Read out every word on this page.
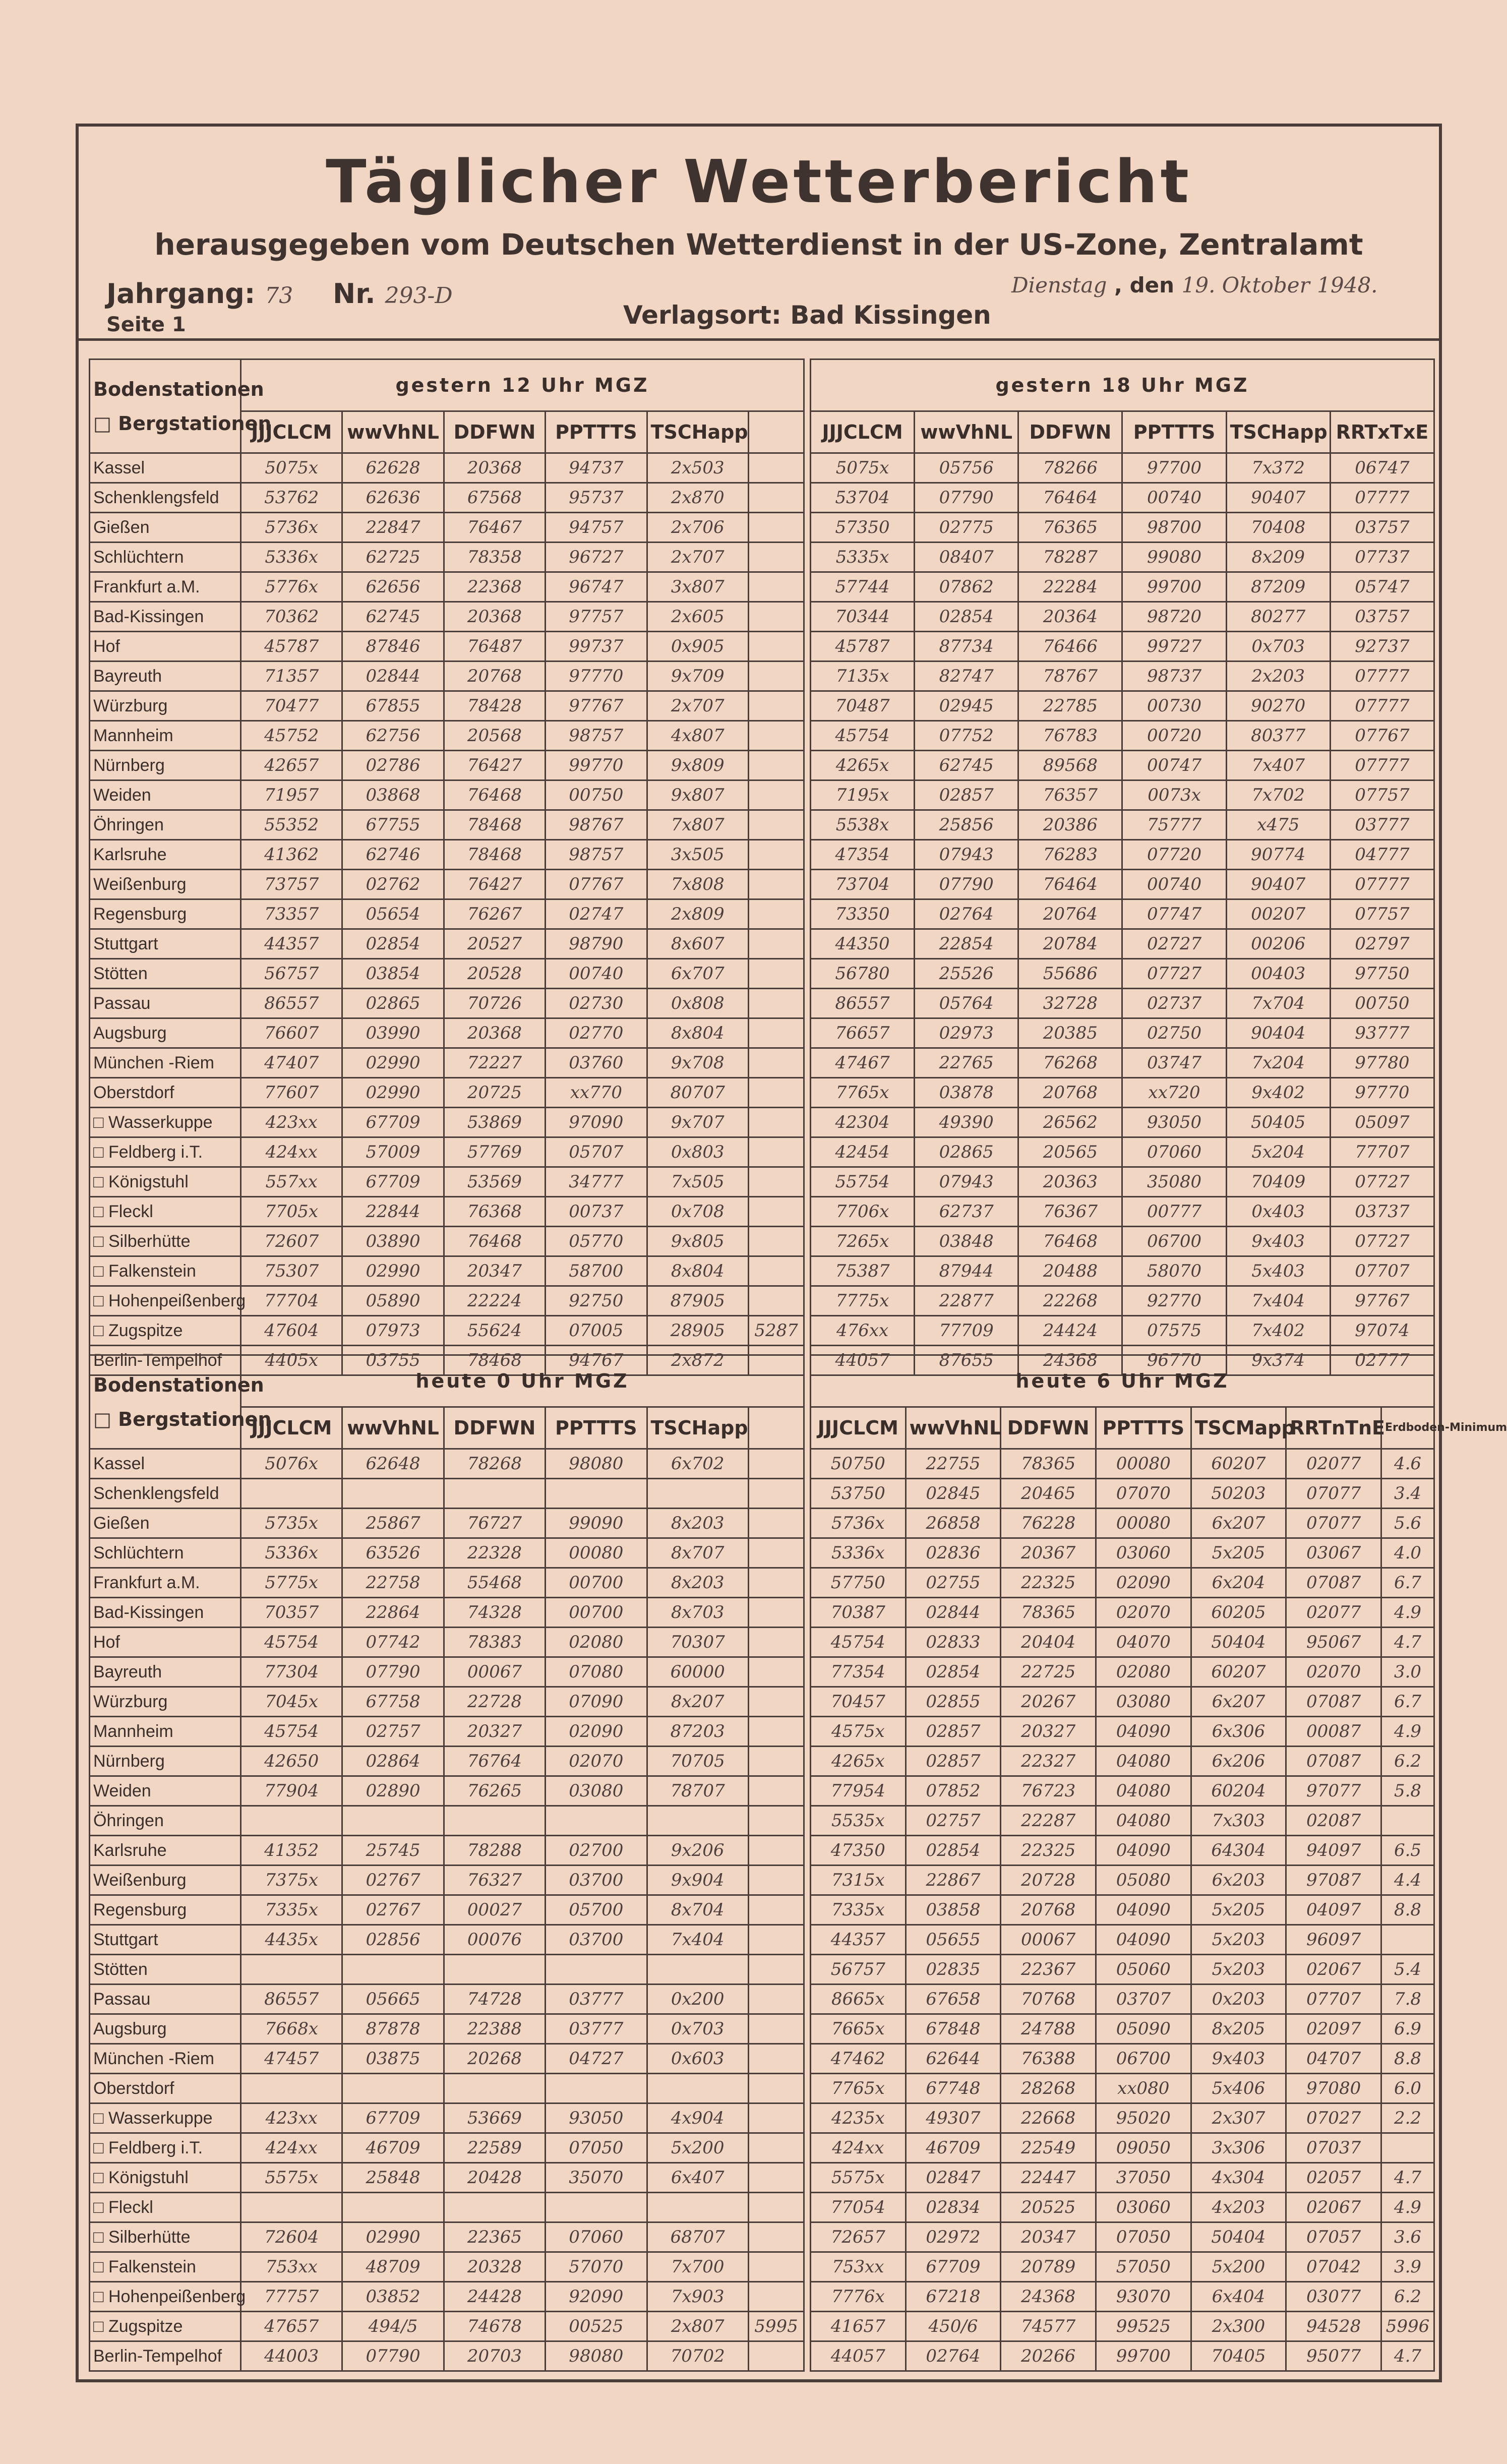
Täglicher Wetterbericht
herausgegeben vom Deutschen Wetterdienst in der US-Zone, Zentralamt
Jahrgang: 73 Nr. 293-D
Seite 1	Verlagsort: Bad Kissingen
Dienstag , den 19. Oktober 1948.
Bodenstationen
□ Bergstationen	gestern 12 Uhr MGZ					
	JJJCLCM	wwVhNL	DDFWN	PPTTTS	TSCHapp	
Kassel	5075x	62628	20368	94737	2x503	
Schenklengsfeld	53762	62636	67568	95737	2x870	
Gießen	5736x	22847	76467	94757	2x706	
Schlüchtern	5336x	62725	78358	96727	2x707	
Frankfurt a.M.	5776x	62656	22368	96747	3x807	
Bad-Kissingen	70362	62745	20368	97757	2x605	
Hof	45787	87846	76487	99737	0x905	
Bayreuth	71357	02844	20768	97770	9x709	
Würzburg	70477	67855	78428	97767	2x707	
Mannheim	45752	62756	20568	98757	4x807	
Nürnberg	42657	02786	76427	99770	9x809	
Weiden	71957	03868	76468	00750	9x807	
Öhringen	55352	67755	78468	98767	7x807	
Karlsruhe	41362	62746	78468	98757	3x505	
Weißenburg	73757	02762	76427	07767	7x808	
Regensburg	73357	05654	76267	02747	2x809	
Stuttgart	44357	02854	20527	98790	8x607	
Stötten	56757	03854	20528	00740	6x707	
Passau	86557	02865	70726	02730	0x808	
Augsburg	76607	03990	20368	02770	8x804	
München -Riem	47407	02990	72227	03760	9x708	
Oberstdorf	77607	02990	20725	xx770	80707	
□ Wasserkuppe	423xx	67709	53869	97090	9x707	
□ Feldberg i.T.	424xx	57009	57769	05707	0x803	
□ Königstuhl	557xx	67709	53569	34777	7x505	
□ Fleckl	7705x	22844	76368	00737	0x708	
□ Silberhütte	72607	03890	76468	05770	9x805	
□ Falkenstein	75307	02990	20347	58700	8x804	
□ Hohenpeißenberg	77704	05890	22224	92750	87905	
□ Zugspitze	47604	07973	55624	07005	28905	5287
Berlin-Tempelhof	4405x	03755	78468	94767	2x872	
gestern 18 Uhr MGZ					
JJJCLCM	wwVhNL	DDFWN	PPTTTS	TSCHapp	RRTxTxE
5075x	05756	78266	97700	7x372	06747
53704	07790	76464	00740	90407	07777
57350	02775	76365	98700	70408	03757
5335x	08407	78287	99080	8x209	07737
57744	07862	22284	99700	87209	05747
70344	02854	20364	98720	80277	03757
45787	87734	76466	99727	0x703	92737
7135x	82747	78767	98737	2x203	07777
70487	02945	22785	00730	90270	07777
45754	07752	76783	00720	80377	07767
4265x	62745	89568	00747	7x407	07777
7195x	02857	76357	0073x	7x702	07757
5538x	25856	20386	75777	x475	03777
47354	07943	76283	07720	90774	04777
73704	07790	76464	00740	90407	07777
73350	02764	20764	07747	00207	07757
44350	22854	20784	02727	00206	02797
56780	25526	55686	07727	00403	97750
86557	05764	32728	02737	7x704	00750
76657	02973	20385	02750	90404	93777
47467	22765	76268	03747	7x204	97780
7765x	03878	20768	xx720	9x402	97770
42304	49390	26562	93050	50405	05097
42454	02865	20565	07060	5x204	77707
55754	07943	20363	35080	70409	07727
7706x	62737	76367	00777	0x403	03737
7265x	03848	76468	06700	9x403	07727
75387	87944	20488	58070	5x403	07707
7775x	22877	22268	92770	7x404	97767
476xx	77709	24424	07575	7x402	97074
44057	87655	24368	96770	9x374	02777
Bodenstationen
□ Bergstationen	heute 0 Uhr MGZ					
	JJJCLCM	wwVhNL	DDFWN	PPTTTS	TSCHapp	
Kassel	5076x	62648	78268	98080	6x702	
Schenklengsfeld						
Gießen	5735x	25867	76727	99090	8x203	
Schlüchtern	5336x	63526	22328	00080	8x707	
Frankfurt a.M.	5775x	22758	55468	00700	8x203	
Bad-Kissingen	70357	22864	74328	00700	8x703	
Hof	45754	07742	78383	02080	70307	
Bayreuth	77304	07790	00067	07080	60000	
Würzburg	7045x	67758	22728	07090	8x207	
Mannheim	45754	02757	20327	02090	87203	
Nürnberg	42650	02864	76764	02070	70705	
Weiden	77904	02890	76265	03080	78707	
Öhringen						
Karlsruhe	41352	25745	78288	02700	9x206	
Weißenburg	7375x	02767	76327	03700	9x904	
Regensburg	7335x	02767	00027	05700	8x704	
Stuttgart	4435x	02856	00076	03700	7x404	
Stötten						
Passau	86557	05665	74728	03777	0x200	
Augsburg	7668x	87878	22388	03777	0x703	
München -Riem	47457	03875	20268	04727	0x603	
Oberstdorf						
□ Wasserkuppe	423xx	67709	53669	93050	4x904	
□ Feldberg i.T.	424xx	46709	22589	07050	5x200	
□ Königstuhl	5575x	25848	20428	35070	6x407	
□ Fleckl						
□ Silberhütte	72604	02990	22365	07060	68707	
□ Falkenstein	753xx	48709	20328	57070	7x700	
□ Hohenpeißenberg	77757	03852	24428	92090	7x903	
□ Zugspitze	47657	494/5	74678	00525	2x807	5995
Berlin-Tempelhof	44003	07790	20703	98080	70702	
heute 6 Uhr MGZ						
JJJCLCM	wwVhNL	DDFWN	PPTTTS	TSCMapp	RRTnTnE	Erdboden-Minimum
50750	22755	78365	00080	60207	02077	4.6
53750	02845	20465	07070	50203	07077	3.4
5736x	26858	76228	00080	6x207	07077	5.6
5336x	02836	20367	03060	5x205	03067	4.0
57750	02755	22325	02090	6x204	07087	6.7
70387	02844	78365	02070	60205	02077	4.9
45754	02833	20404	04070	50404	95067	4.7
77354	02854	22725	02080	60207	02070	3.0
70457	02855	20267	03080	6x207	07087	6.7
4575x	02857	20327	04090	6x306	00087	4.9
4265x	02857	22327	04080	6x206	07087	6.2
77954	07852	76723	04080	60204	97077	5.8
5535x	02757	22287	04080	7x303	02087	
47350	02854	22325	04090	64304	94097	6.5
7315x	22867	20728	05080	6x203	97087	4.4
7335x	03858	20768	04090	5x205	04097	8.8
44357	05655	00067	04090	5x203	96097	
56757	02835	22367	05060	5x203	02067	5.4
8665x	67658	70768	03707	0x203	07707	7.8
7665x	67848	24788	05090	8x205	02097	6.9
47462	62644	76388	06700	9x403	04707	8.8
7765x	67748	28268	xx080	5x406	97080	6.0
4235x	49307	22668	95020	2x307	07027	2.2
424xx	46709	22549	09050	3x306	07037	
5575x	02847	22447	37050	4x304	02057	4.7
77054	02834	20525	03060	4x203	02067	4.9
72657	02972	20347	07050	50404	07057	3.6
753xx	67709	20789	57050	5x200	07042	3.9
7776x	67218	24368	93070	6x404	03077	6.2
41657	450/6	74577	99525	2x300	94528	5996
44057	02764	20266	99700	70405	95077	4.7
